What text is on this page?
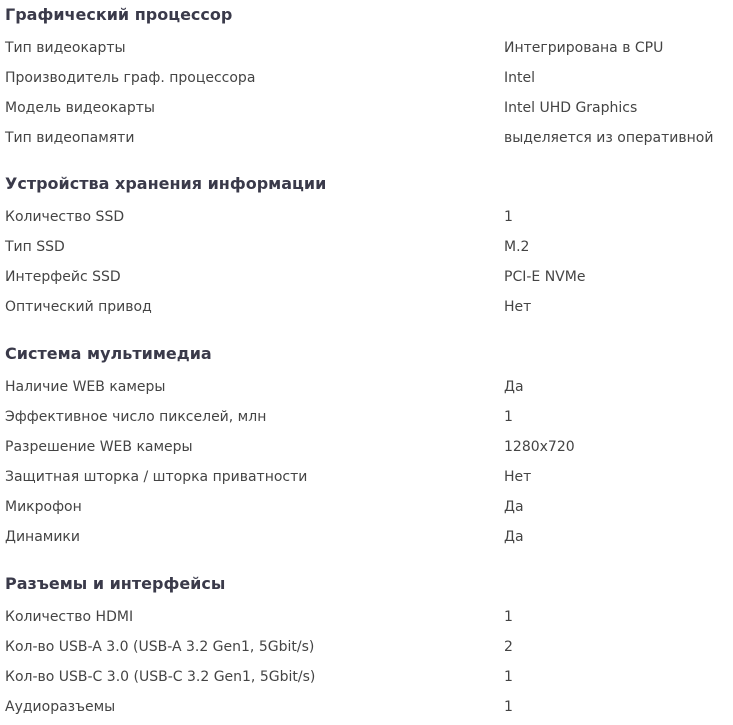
Графический процессор
Тип видеокарты	Интегрирована в CPU
Производитель граф. процессора	Intel
Модель видеокарты	Intel UHD Graphics
Тип видеопамяти	выделяется из оперативной
Устройства хранения информации
Количество SSD	1
Тип SSD	M.2
Интерфейс SSD	PCI-E NVMe
Оптический привод	Нет
Система мультимедиа
Наличие WEB камеры	Да
Эффективное число пикселей, млн	1
Разрешение WEB камеры	1280x720
Защитная шторка / шторка приватности	Нет
Микрофон	Да
Динамики	Да
Разъемы и интерфейсы
Количество HDMI	1
Кол-во USB-A 3.0 (USB-A 3.2 Gen1, 5Gbit/s)	2
Кол-во USB-C 3.0 (USB-C 3.2 Gen1, 5Gbit/s)	1
Аудиоразъемы	1
